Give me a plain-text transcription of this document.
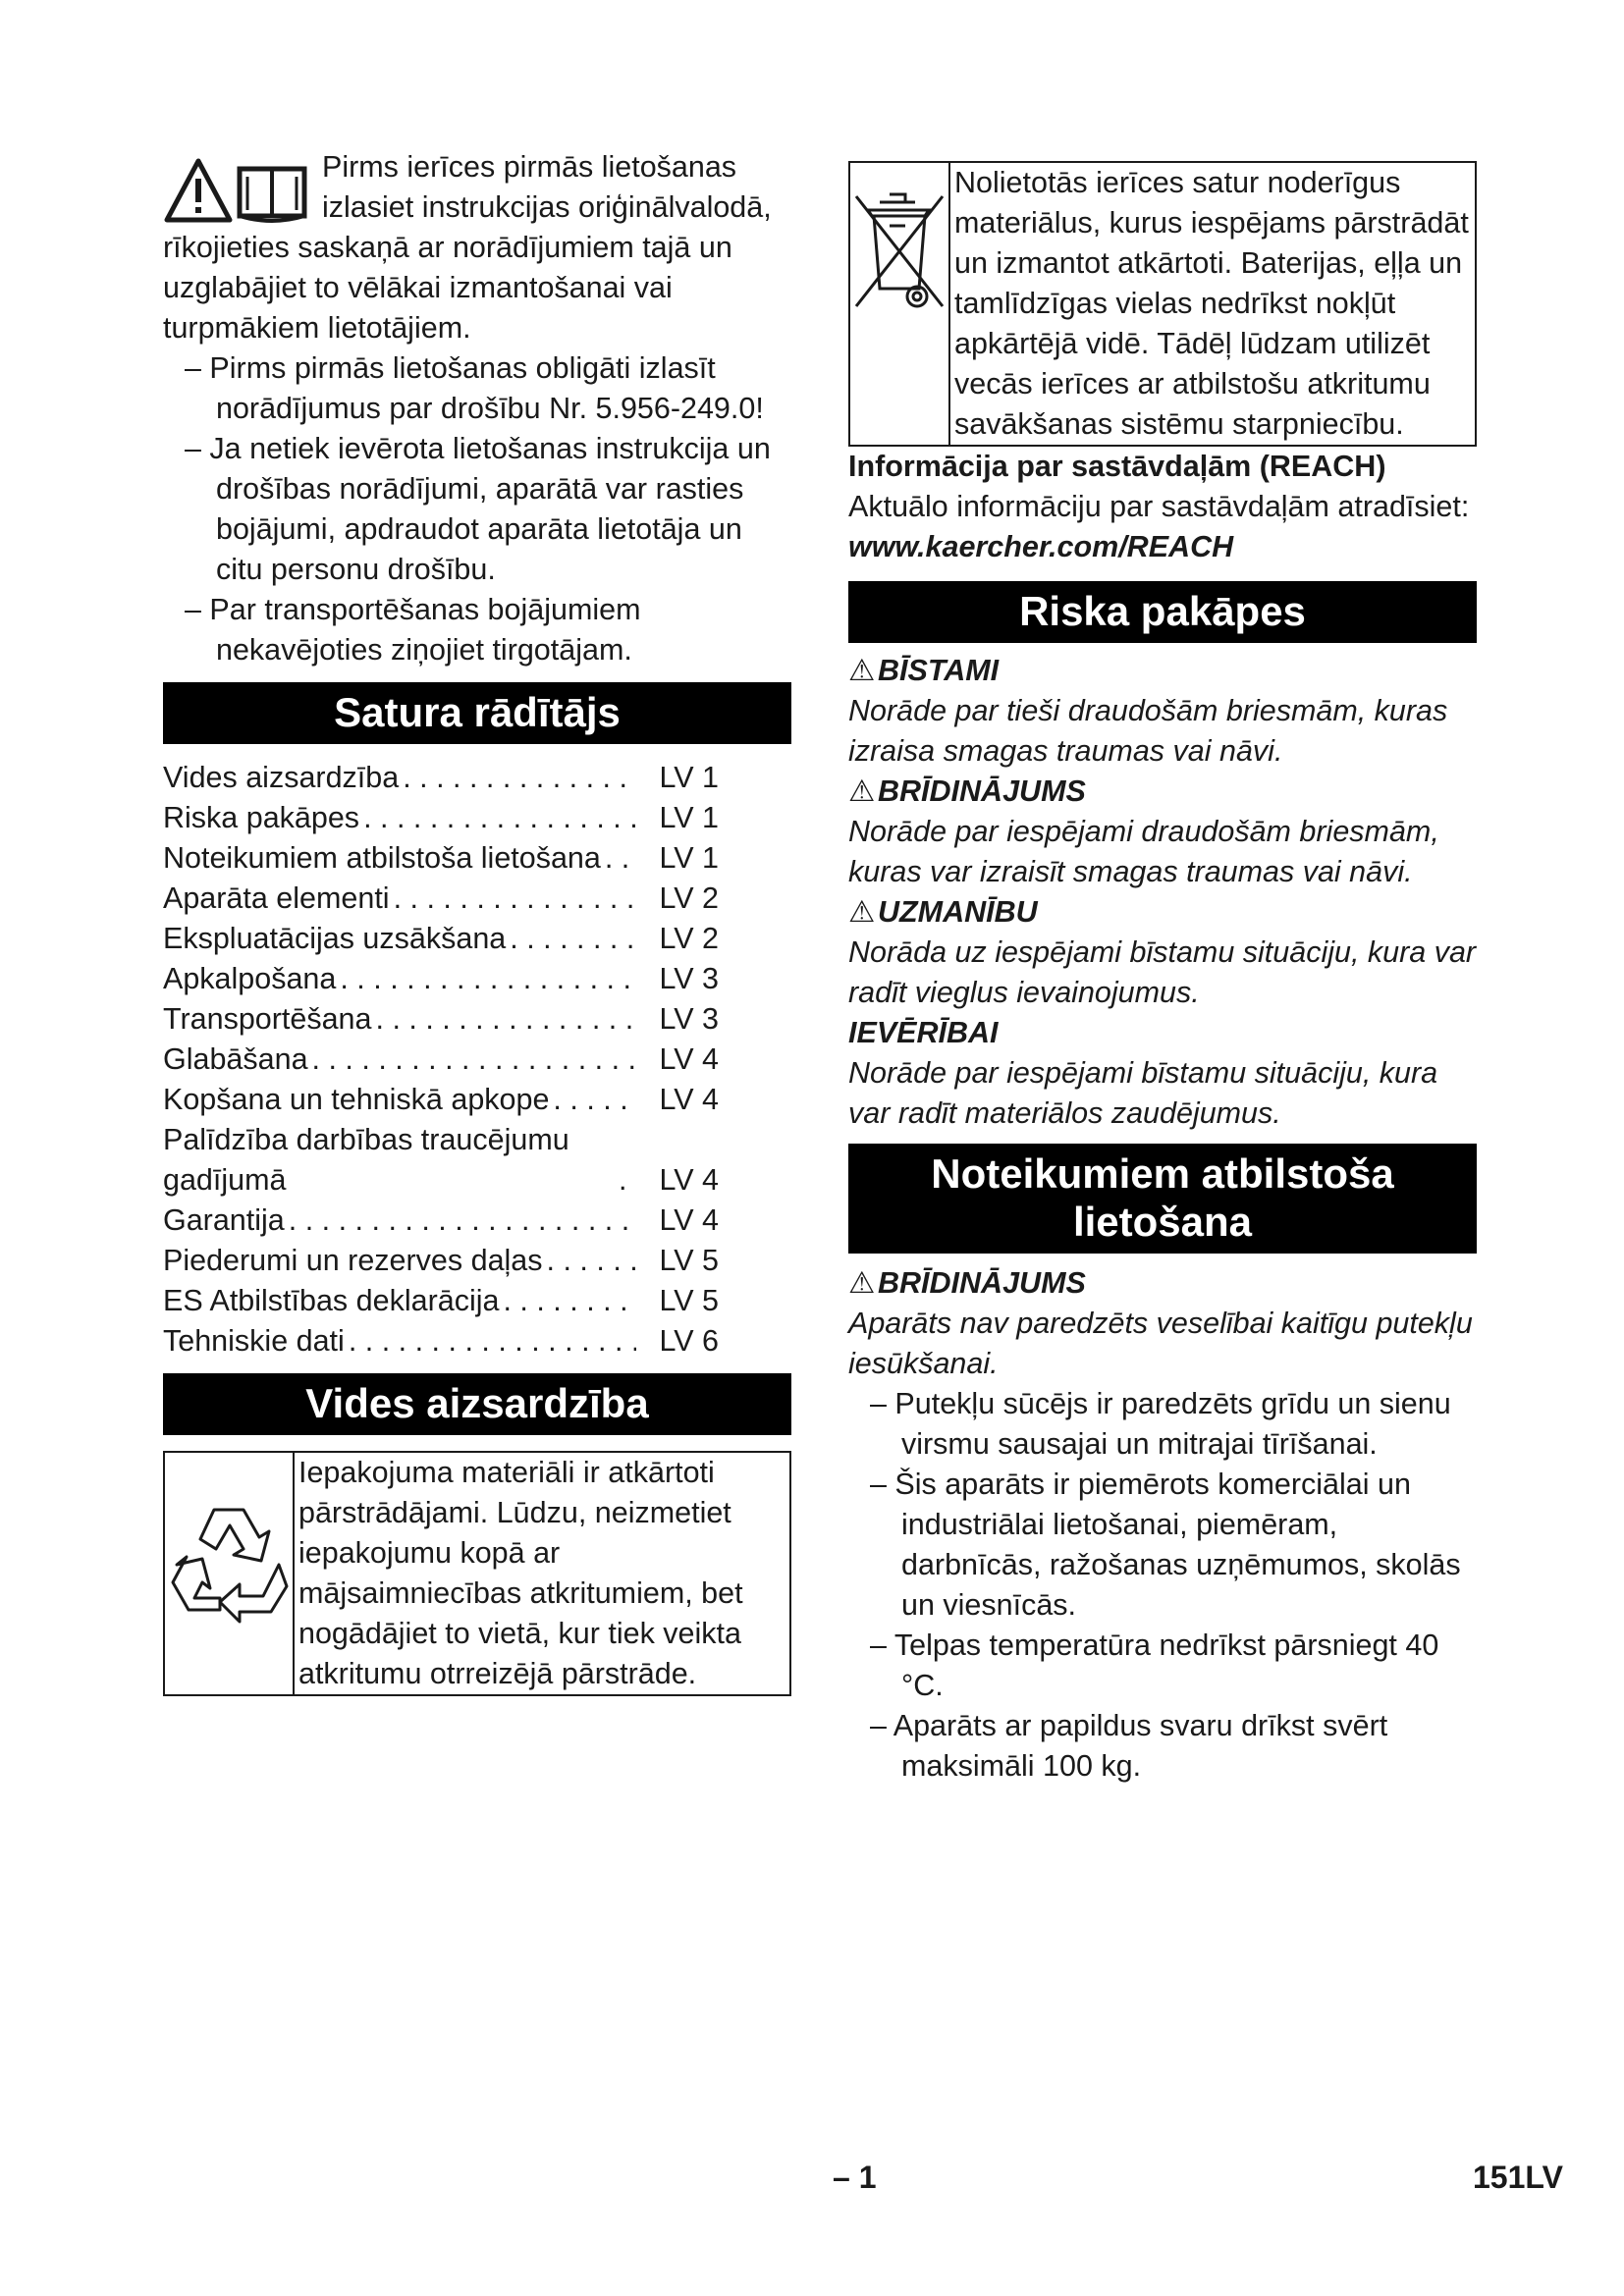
Pirms ierīces pirmās lietošanas izlasiet instrukcijas oriģinālvalodā, rīkojieties saskaņā ar norādījumiem tajā un uzglabājiet to vēlākai izmantošanai vai turpmākiem lietotājiem.

– Pirms pirmās lietošanas obligāti izlasīt norādījumus par drošību Nr. 5.956-249.0!

– Ja netiek ievērota lietošanas instrukcija un drošības norādījumi, aparātā var rasties bojājumi, apdraudot aparāta lietotāja un citu personu drošību.

– Par transportēšanas bojājumiem nekavējoties ziņojiet tirgotājam.

Satura rādītājs
Vides aizsardzība . . .	LV 1
Riska pakāpes . . .	LV 1
Noteikumiem atbilstoša lietošana . . .	LV 1
Aparāta elementi . . .	LV 2
Ekspluatācijas uzsākšana . . .	LV 2
Apkalpošana . . .	LV 3
Transportēšana . . .	LV 3
Glabāšana . . .	LV 4
Kopšana un tehniskā apkope . . .	LV 4
Palīdzība darbības traucējumu gadījumā . . .	LV 4
Garantija . . .	LV 4
Piederumi un rezerves daļas . . .	LV 5
ES Atbilstības deklarācija . . .	LV 5
Tehniskie dati . . .	LV 6
Vides aizsardzība
Iepakojuma materiāli ir atkārtoti pārstrādājami. Lūdzu, neizmetiet iepakojumu kopā ar mājsaimniecības atkritumiem, bet nogādājiet to vietā, kur tiek veikta atkritumu otrreizējā pārstrāde.
Nolietotās ierīces satur noderīgus materiālus, kurus iespējams pārstrādāt un izmantot atkārtoti. Baterijas, eļļa un tamlīdzīgas vielas nedrīkst nokļūt apkārtējā vidē. Tādēļ lūdzam utilizēt vecās ierīces ar atbilstošu atkritumu savākšanas sistēmu starpniecību.

Informācija par sastāvdaļām (REACH)

Aktuālo informāciju par sastāvdaļām atradīsiet:

www.kaercher.com/REACH

Riska pakāpes

⚠BĪSTAMI

Norāde par tieši draudošām briesmām, kuras izraisa smagas traumas vai nāvi.

⚠BRĪDINĀJUMS

Norāde par iespējami draudošām briesmām, kuras var izraisīt smagas traumas vai nāvi.

⚠UZMANĪBU

Norāda uz iespējami bīstamu situāciju, kura var radīt vieglus ievainojumus.

IEVĒRĪBAI

Norāde par iespējami bīstamu situāciju, kura var radīt materiālos zaudējumus.

Noteikumiem atbilstoša
lietošana

⚠BRĪDINĀJUMS

Aparāts nav paredzēts veselībai kaitīgu putekļu iesūkšanai.

– Putekļu sūcējs ir paredzēts grīdu un sienu virsmu sausajai un mitrajai tīrīšanai.

– Šis aparāts ir piemērots komerciālai un industriālai lietošanai, piemēram, darbnīcās, ražošanas uzņēmumos, skolās un viesnīcās.

– Telpas temperatūra nedrīkst pārsniegt 40 °C.

– Aparāts ar papildus svaru drīkst svērt maksimāli 100 kg.

– 1	151LV
